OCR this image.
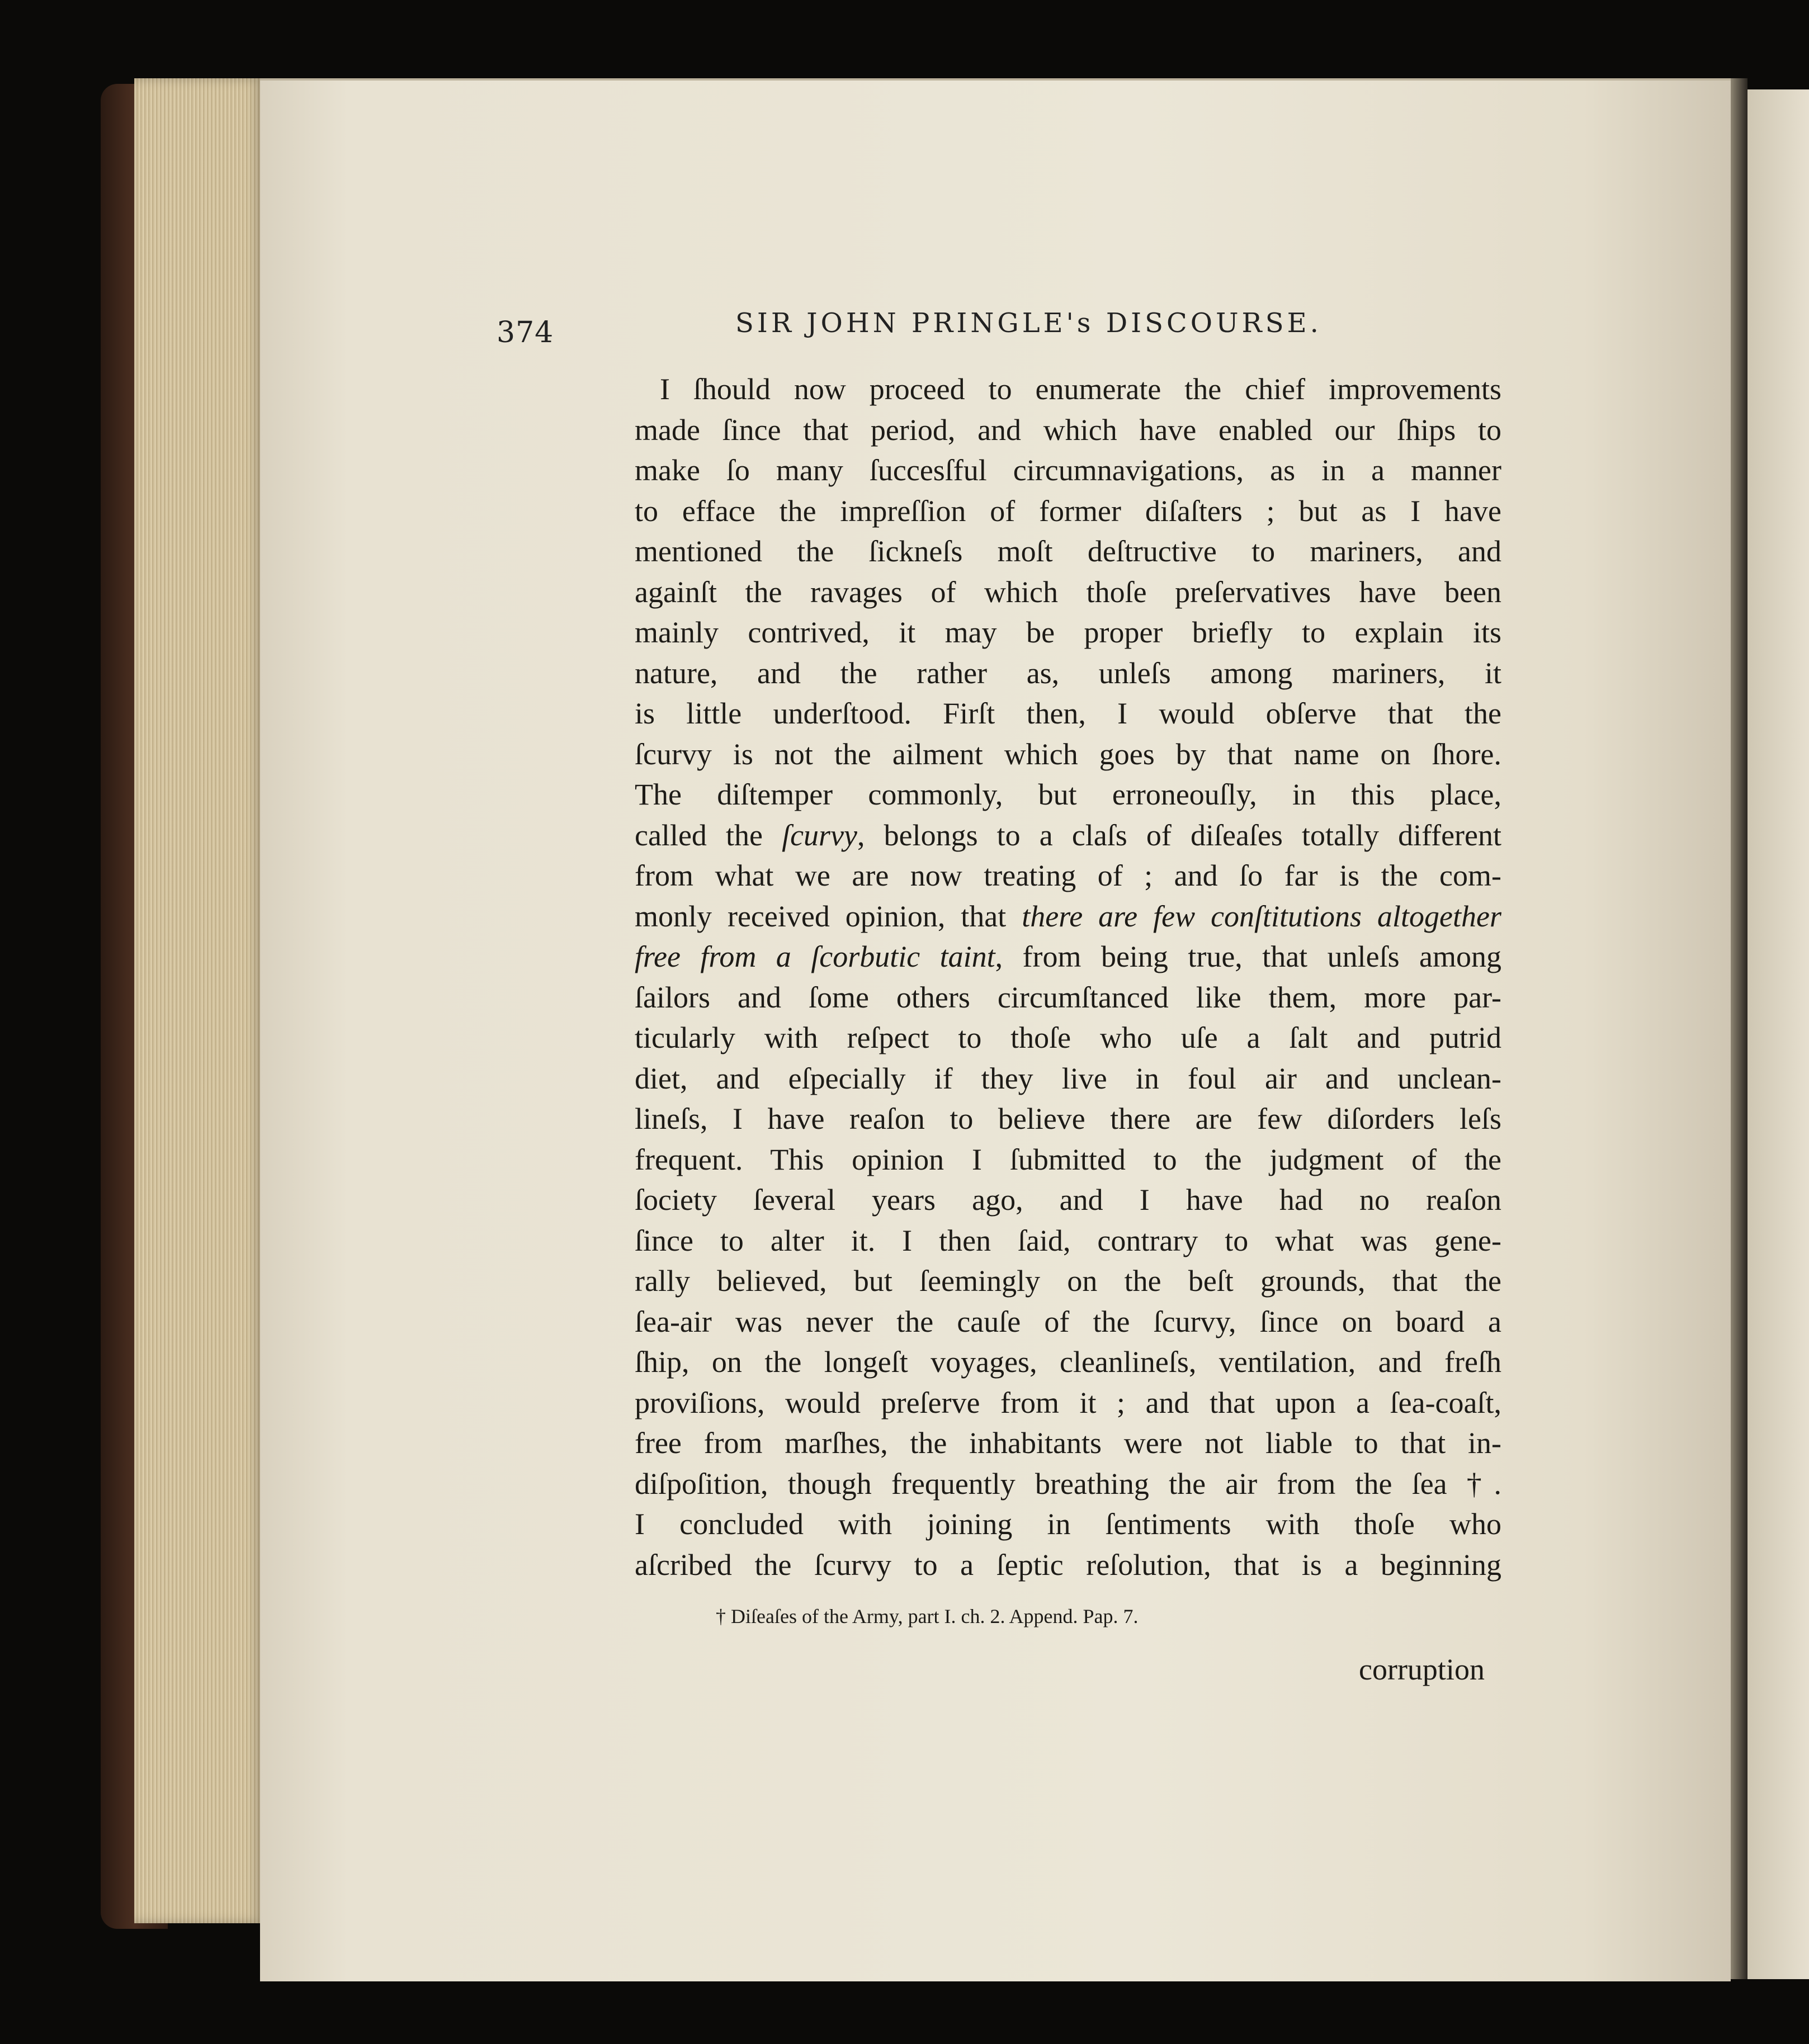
374	SIR JOHN PRINGLE's DISCOURSE.
I ſhould now proceed to enumerate the chief improvements
made ſince that period, and which have enabled our ſhips to
make ſo many ſuccesſful circumnavigations, as in a manner
to efface the impreſſion of former diſaſters ; but as I have
mentioned the ſickneſs moſt deſtructive to mariners, and
againſt the ravages of which thoſe preſervatives have been
mainly contrived, it may be proper briefly to explain its
nature, and the rather as, unleſs among mariners, it
is little underſtood. Firſt then, I would obſerve that the
ſcurvy is not the ailment which goes by that name on ſhore.
The diſtemper commonly, but erroneouſly, in this place,
called the ſcurvy, belongs to a claſs of diſeaſes totally different
from what we are now treating of ; and ſo far is the com-
monly received opinion, that there are few conſtitutions altogether
free from a ſcorbutic taint, from being true, that unleſs among
ſailors and ſome others circumſtanced like them, more par-
ticularly with reſpect to thoſe who uſe a ſalt and putrid
diet, and eſpecially if they live in foul air and unclean-
lineſs, I have reaſon to believe there are few diſorders leſs
frequent. This opinion I ſubmitted to the judgment of the
ſociety ſeveral years ago, and I have had no reaſon
ſince to alter it. I then ſaid, contrary to what was gene-
rally believed, but ſeemingly on the beſt grounds, that the
ſea-air was never the cauſe of the ſcurvy, ſince on board a
ſhip, on the longeſt voyages, cleanlineſs, ventilation, and freſh
proviſions, would preſerve from it ; and that upon a ſea-coaſt,
free from marſhes, the inhabitants were not liable to that in-
diſpoſition, though frequently breathing the air from the ſea †.
I concluded with joining in ſentiments with thoſe who
aſcribed the ſcurvy to a ſeptic reſolution, that is a beginning
† Diſeaſes of the Army, part I. ch. 2. Append. Pap. 7.
corruption
